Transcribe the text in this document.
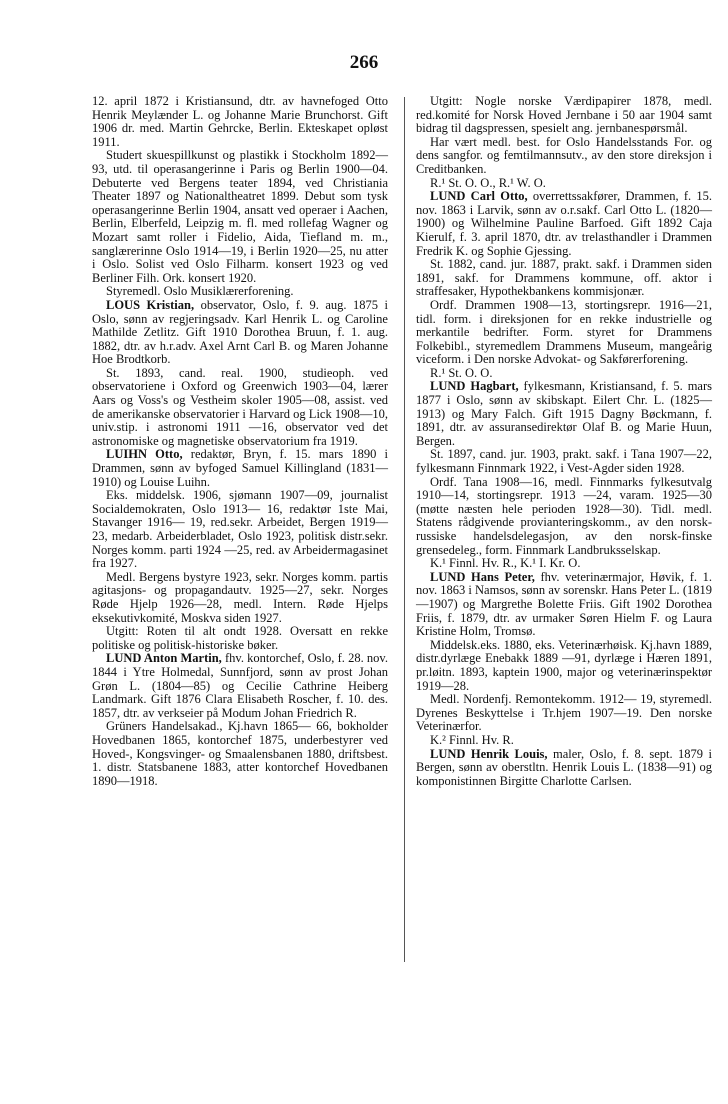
266

12. april 1872 i Kristiansund, dtr. av havnefoged Otto Henrik Meylænder L. og Johanne Marie Brunchorst. Gift 1906 dr. med. Martin Gehrcke, Berlin. Ekteskapet opløst 1911.

Studert skuespillkunst og plastikk i Stockholm 1892—93, utd. til operasangerinne i Paris og Berlin 1900—04. Debuterte ved Bergens teater 1894, ved Christiania Theater 1897 og Nationaltheatret 1899. Debut som tysk operasangerinne Berlin 1904, ansatt ved operaer i Aachen, Berlin, Elberfeld, Leipzig m. fl. med rollefag Wagner og Mozart samt roller i Fidelio, Aida, Tiefland m. m., sanglærerinne Oslo 1914—19, i Berlin 1920—25, nu atter i Oslo. Solist ved Oslo Filharm. konsert 1923 og ved Berliner Filh. Ork. konsert 1920.

Styremedl. Oslo Musiklærerforening.

LOUS Kristian, observator, Oslo, f. 9. aug. 1875 i Oslo, sønn av regjeringsadv. Karl Henrik L. og Caroline Mathilde Zetlitz. Gift 1910 Dorothea Bruun, f. 1. aug. 1882, dtr. av h.r.adv. Axel Arnt Carl B. og Maren Johanne Hoe Brodtkorb.

St. 1893, cand. real. 1900, studieoph. ved observatoriene i Oxford og Greenwich 1903—04, lærer Aars og Voss's og Vestheim skoler 1905—08, assist. ved de amerikanske observatorier i Harvard og Lick 1908—10, univ.stip. i astronomi 1911 —16, observator ved det astronomiske og magnetiske observatorium fra 1919.

LUIHN Otto, redaktør, Bryn, f. 15. mars 1890 i Drammen, sønn av byfoged Samuel Killingland (1831—1910) og Louise Luihn.

Eks. middelsk. 1906, sjømann 1907—09, journalist Socialdemokraten, Oslo 1913— 16, redaktør 1ste Mai, Stavanger 1916— 19, red.sekr. Arbeidet, Bergen 1919—23, medarb. Arbeiderbladet, Oslo 1923, politisk distr.sekr. Norges komm. parti 1924 —25, red. av Arbeidermagasinet fra 1927.

Medl. Bergens bystyre 1923, sekr. Norges komm. partis agitasjons- og propagandautv. 1925—27, sekr. Norges Røde Hjelp 1926—28, medl. Intern. Røde Hjelps eksekutivkomité, Moskva siden 1927.

Utgitt: Roten til alt ondt 1928. Oversatt en rekke politiske og politisk-historiske bøker.

LUND Anton Martin, fhv. kontorchef, Oslo, f. 28. nov. 1844 i Ytre Holmedal, Sunnfjord, sønn av prost Johan Grøn L. (1804—85) og Cecilie Cathrine Heiberg Landmark. Gift 1876 Clara Elisabeth Roscher, f. 10. des. 1857, dtr. av verkseier på Modum Johan Friedrich R.

Grüners Handelsakad., Kj.havn 1865— 66, bokholder Hovedbanen 1865, kontorchef 1875, underbestyrer ved Hoved-, Kongsvinger- og Smaalensbanen 1880, driftsbest. 1. distr. Statsbanene 1883, atter kontorchef Hovedbanen 1890—1918.

Utgitt: Nogle norske Værdipapirer 1878, medl. red.komité for Norsk Hoved Jernbane i 50 aar 1904 samt bidrag til dagspressen, spesielt ang. jernbanespørsmål.

Har vært medl. best. for Oslo Handelsstands For. og dens sangfor. og femtilmannsutv., av den store direksjon i Creditbanken.

R.¹ St. O. O., R.¹ W. O.

LUND Carl Otto, overrettssakfører, Drammen, f. 15. nov. 1863 i Larvik, sønn av o.r.sakf. Carl Otto L. (1820—1900) og Wilhelmine Pauline Barfoed. Gift 1892 Caja Kierulf, f. 3. april 1870, dtr. av trelasthandler i Drammen Fredrik K. og Sophie Gjessing.

St. 1882, cand. jur. 1887, prakt. sakf. i Drammen siden 1891, sakf. for Drammens kommune, off. aktor i straffesaker, Hypothekbankens kommisjonær.

Ordf. Drammen 1908—13, stortingsrepr. 1916—21, tidl. form. i direksjonen for en rekke industrielle og merkantile bedrifter. Form. styret for Drammens Folkebibl., styremedlem Drammens Museum, mangeårig viceform. i Den norske Advokat- og Sakførerforening.

R.¹ St. O. O.

LUND Hagbart, fylkesmann, Kristiansand, f. 5. mars 1877 i Oslo, sønn av skibskapt. Eilert Chr. L. (1825—1913) og Mary Falch. Gift 1915 Dagny Bøckmann, f. 1891, dtr. av assuransedirektør Olaf B. og Marie Huun, Bergen.

St. 1897, cand. jur. 1903, prakt. sakf. i Tana 1907—22, fylkesmann Finnmark 1922, i Vest-Agder siden 1928.

Ordf. Tana 1908—16, medl. Finnmarks fylkesutvalg 1910—14, stortingsrepr. 1913 —24, varam. 1925—30 (møtte næsten hele perioden 1928—30). Tidl. medl. Statens rådgivende provianteringskomm., av den norsk-russiske handelsdelegasjon, av den norsk-finske grensedeleg., form. Finnmark Landbruksselskap.

K.¹ Finnl. Hv. R., K.¹ I. Kr. O.

LUND Hans Peter, fhv. veterinærmajor, Høvik, f. 1. nov. 1863 i Namsos, sønn av sorenskr. Hans Peter L. (1819 —1907) og Margrethe Bolette Friis. Gift 1902 Dorothea Friis, f. 1879, dtr. av urmaker Søren Hielm F. og Laura Kristine Holm, Tromsø.

Middelsk.eks. 1880, eks. Veterinærhøisk. Kj.havn 1889, distr.dyrlæge Enebakk 1889 —91, dyrlæge i Hæren 1891, pr.løitn. 1893, kaptein 1900, major og veterinærinspektør 1919—28.

Medl. Nordenfj. Remontekomm. 1912— 19, styremedl. Dyrenes Beskyttelse i Tr.hjem 1907—19. Den norske Veterinærfor.

K.² Finnl. Hv. R.

LUND Henrik Louis, maler, Oslo, f. 8. sept. 1879 i Bergen, sønn av oberstltn. Henrik Louis L. (1838—91) og komponistinnen Birgitte Charlotte Carlsen.
